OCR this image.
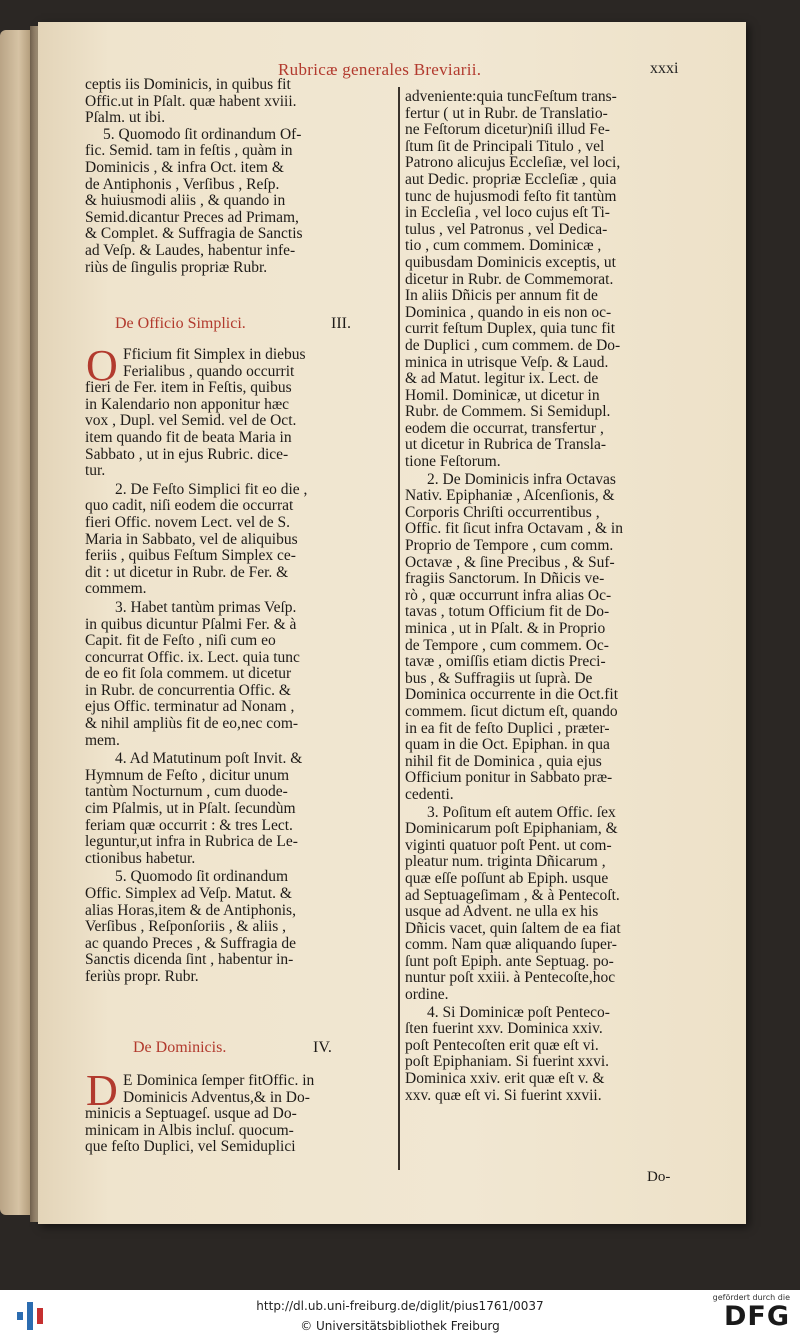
Rubricæ generales Breviarii.	xxxi
ceptis iis Dominicis, in quibus fit
Offic.ut in Pſalt. quæ habent xviii.
Pſalm. ut ibi.
5. Quomodo ſit ordinandum Of-
fic. Semid. tam in feſtis , quàm in
Dominicis , & infra Oct. item &
de Antiphonis , Verſibus , Reſp.
& huiusmodi aliis , & quando in
Semid.dicantur Preces ad Primam,
& Complet. & Suffragia de Sanctis
ad Veſp. & Laudes, habentur infe-
riùs de ſingulis propriæ Rubr.
De Officio Simplici.	III.
O Fficium fit Simplex in diebus
Ferialibus , quando occurrit
fieri de Fer. item in Feſtis, quibus
in Kalendario non apponitur hæc
vox , Dupl. vel Semid. vel de Oct.
item quando fit de beata Maria in
Sabbato , ut in ejus Rubric. dice-
tur.
2. De Feſto Simplici fit eo die ,
quo cadit, niſi eodem die occurrat
fieri Offic. novem Lect. vel de S.
Maria in Sabbato, vel de aliquibus
feriis , quibus Feſtum Simplex ce-
dit : ut dicetur in Rubr. de Fer. &
commem.
3. Habet tantùm primas Veſp.
in quibus dicuntur Pſalmi Fer. & à
Capit. fit de Feſto , niſi cum eo
concurrat Offic. ix. Lect. quia tunc
de eo fit ſola commem. ut dicetur
in Rubr. de concurrentia Offic. &
ejus Offic. terminatur ad Nonam ,
& nihil ampliùs fit de eo,nec com-
mem.
4. Ad Matutinum poſt Invit. &
Hymnum de Feſto , dicitur unum
tantùm Nocturnum , cum duode-
cim Pſalmis, ut in Pſalt. ſecundùm
feriam quæ occurrit : & tres Lect.
leguntur,ut infra in Rubrica de Le-
ctionibus habetur.
5. Quomodo ſit ordinandum
Offic. Simplex ad Veſp. Matut. &
alias Horas,item & de Antiphonis,
Verſibus , Reſponſoriis , & aliis ,
ac quando Preces , & Suffragia de
Sanctis dicenda ſint , habentur in-
feriùs propr. Rubr.
De Dominicis.	IV.
D E Dominica ſemper fitOffic. in
Dominicis Adventus,& in Do-
minicis a Septuageſ. usque ad Do-
minicam in Albis incluſ. quocum-
que feſto Duplici, vel Semiduplici
adveniente:quia tuncFeſtum trans-
fertur ( ut in Rubr. de Translatio-
ne Feſtorum dicetur)niſi illud Fe-
ſtum ſit de Principali Titulo , vel
Patrono alicujus Eccleſiæ, vel loci,
aut Dedic. propriæ Eccleſiæ , quia
tunc de hujusmodi feſto fit tantùm
in Eccleſia , vel loco cujus eſt Ti-
tulus , vel Patronus , vel Dedica-
tio , cum commem. Dominicæ ,
quibusdam Dominicis exceptis, ut
dicetur in Rubr. de Commemorat.
In aliis Dñicis per annum fit de
Dominica , quando in eis non oc-
currit feſtum Duplex, quia tunc fit
de Duplici , cum commem. de Do-
minica in utrisque Veſp. & Laud.
& ad Matut. legitur ix. Lect. de
Homil. Dominicæ, ut dicetur in
Rubr. de Commem. Si Semidupl.
eodem die occurrat, transfertur ,
ut dicetur in Rubrica de Transla-
tione Feſtorum.
2. De Dominicis infra Octavas
Nativ. Epiphaniæ , Aſcenſionis, &
Corporis Chriſti occurrentibus ,
Offic. fit ſicut infra Octavam , & in
Proprio de Tempore , cum comm.
Octavæ , & ſine Precibus , & Suf-
fragiis Sanctorum. In Dñicis ve-
rò , quæ occurrunt infra alias Oc-
tavas , totum Officium fit de Do-
minica , ut in Pſalt. & in Proprio
de Tempore , cum commem. Oc-
tavæ , omiſſis etiam dictis Preci-
bus , & Suffragiis ut ſuprà. De
Dominica occurrente in die Oct.fit
commem. ſicut dictum eſt, quando
in ea fit de feſto Duplici , præter-
quam in die Oct. Epiphan. in qua
nihil fit de Dominica , quia ejus
Officium ponitur in Sabbato præ-
cedenti.
3. Poſitum eſt autem Offic. ſex
Dominicarum poſt Epiphaniam, &
viginti quatuor poſt Pent. ut com-
pleatur num. triginta Dñicarum ,
quæ eſſe poſſunt ab Epiph. usque
ad Septuageſimam , & à Pentecoſt.
usque ad Advent. ne ulla ex his
Dñicis vacet, quin ſaltem de ea fiat
comm. Nam quæ aliquando ſuper-
ſunt poſt Epiph. ante Septuag. po-
nuntur poſt xxiii. à Pentecoſte,hoc
ordine.
4. Si Dominicæ poſt Penteco-
ſten fuerint xxv. Dominica xxiv.
poſt Pentecoſten erit quæ eſt vi.
poſt Epiphaniam. Si fuerint xxvi.
Dominica xxiv. erit quæ eſt v. &
xxv. quæ eſt vi. Si fuerint xxvii.
Do-
http://dl.ub.uni-freiburg.de/diglit/pius1761/0037
© Universitätsbibliothek Freiburg
gefördert durch die
DFG
